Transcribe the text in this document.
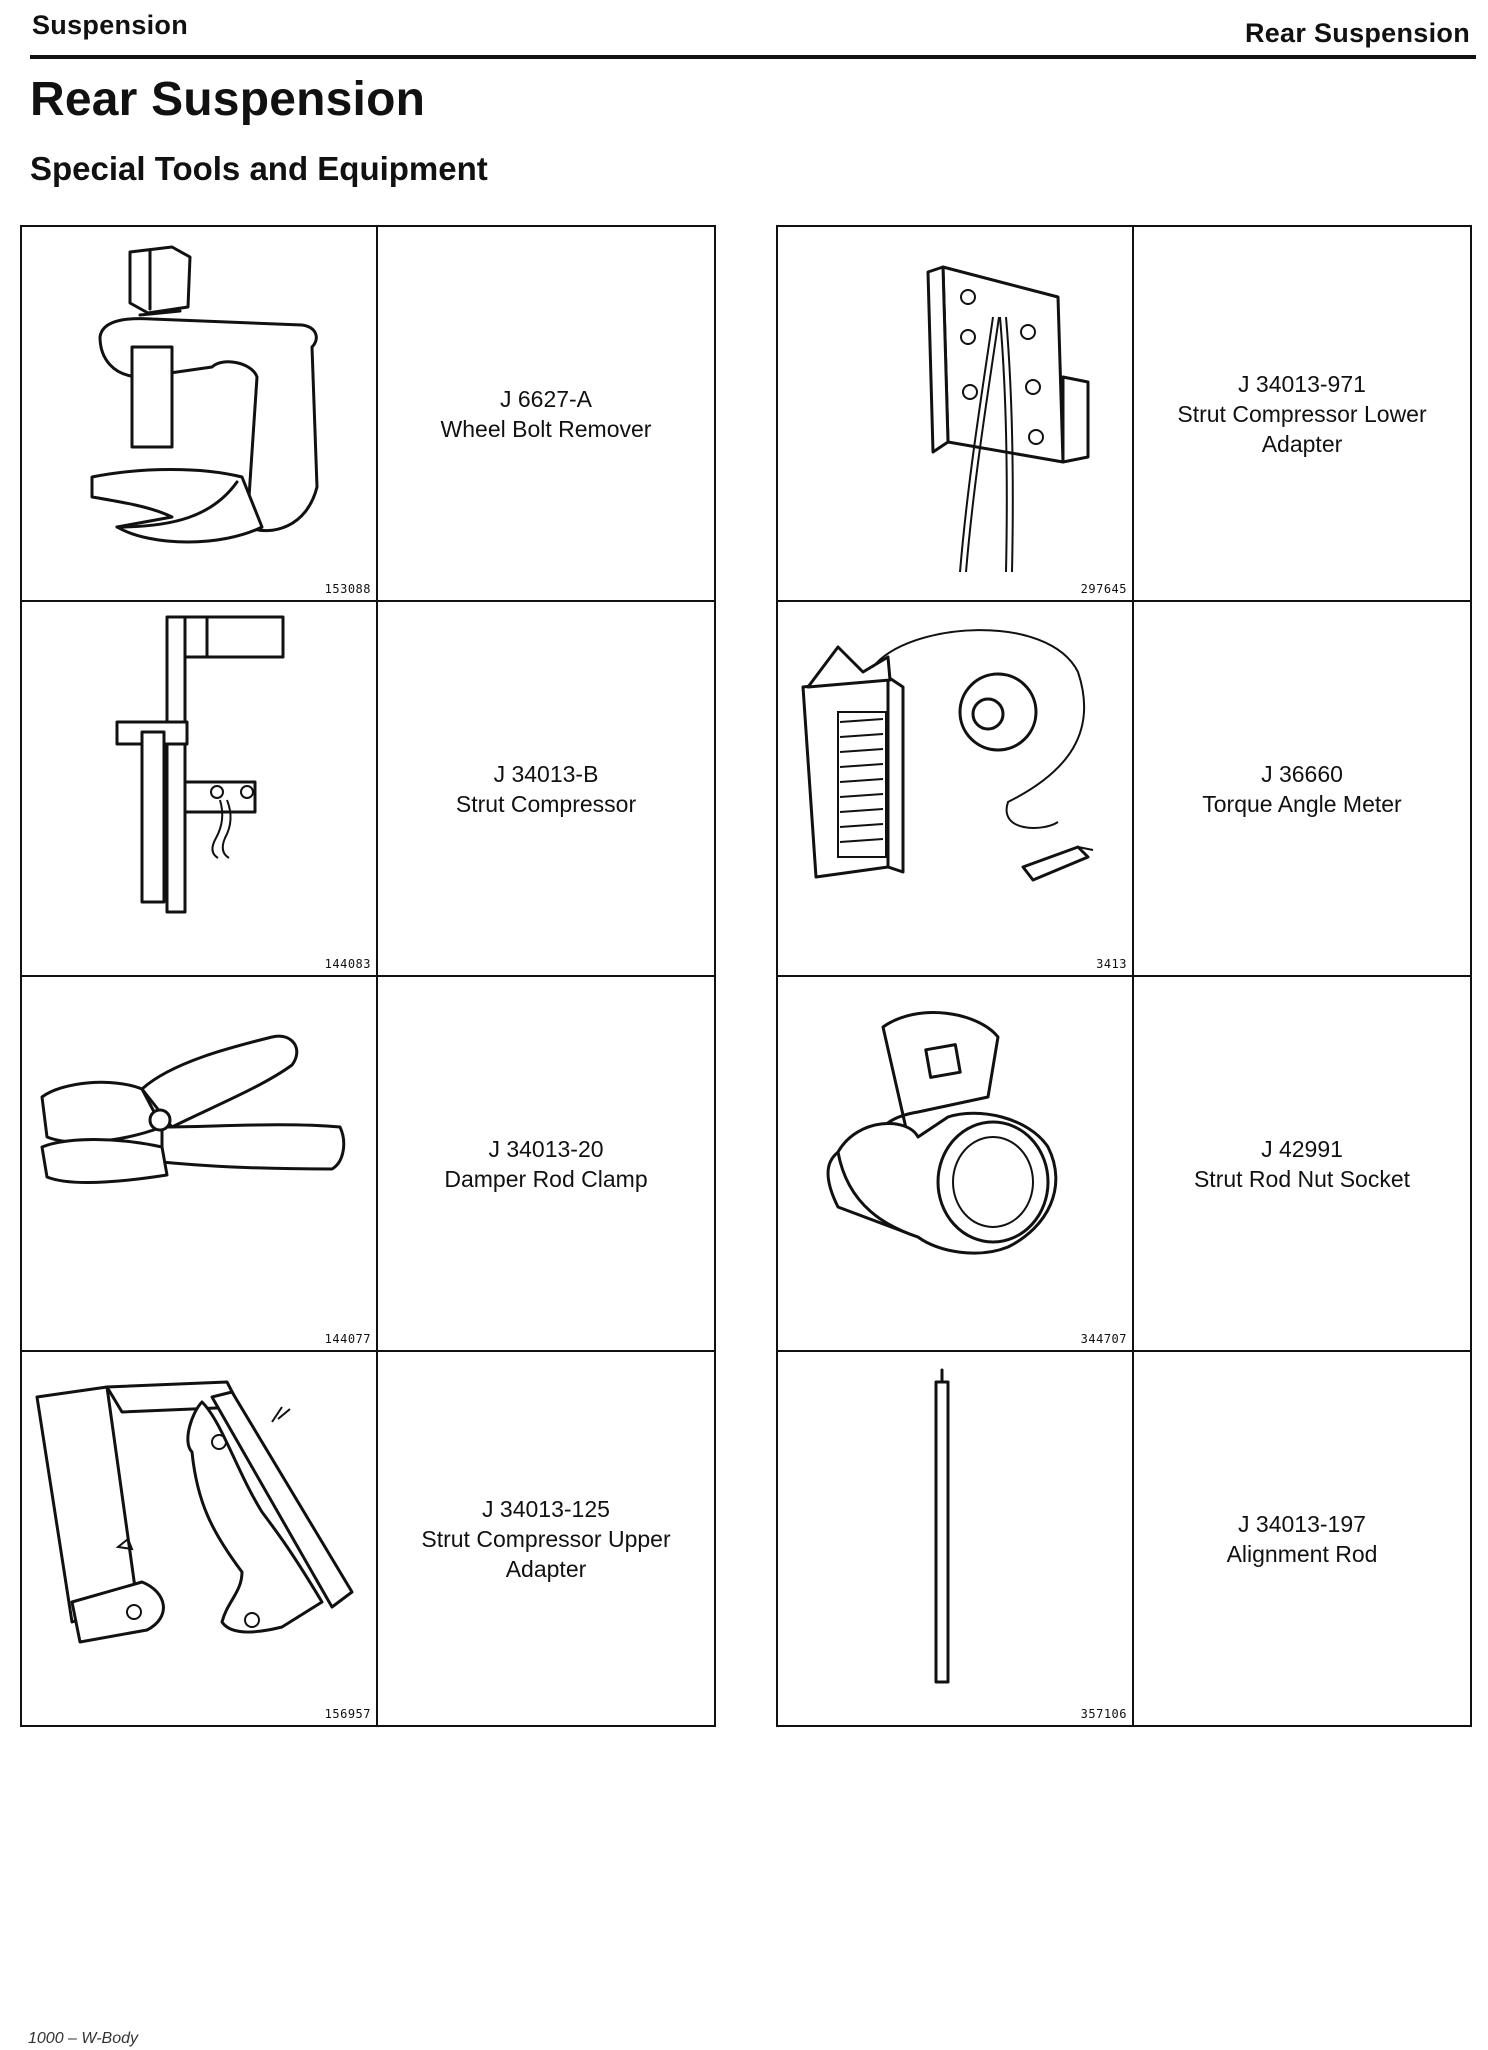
Suspension	Rear Suspension
Rear Suspension
Special Tools and Equipment
153088
J 6627-A
Wheel Bolt Remover
144083
J 34013-B
Strut Compressor
144077
J 34013-20
Damper Rod Clamp
156957
J 34013-125
Strut Compressor Upper Adapter
297645
J 34013-971
Strut Compressor Lower Adapter
3413
J 36660
Torque Angle Meter
344707
J 42991
Strut Rod Nut Socket
357106
J 34013-197
Alignment Rod
1000 – W-Body
